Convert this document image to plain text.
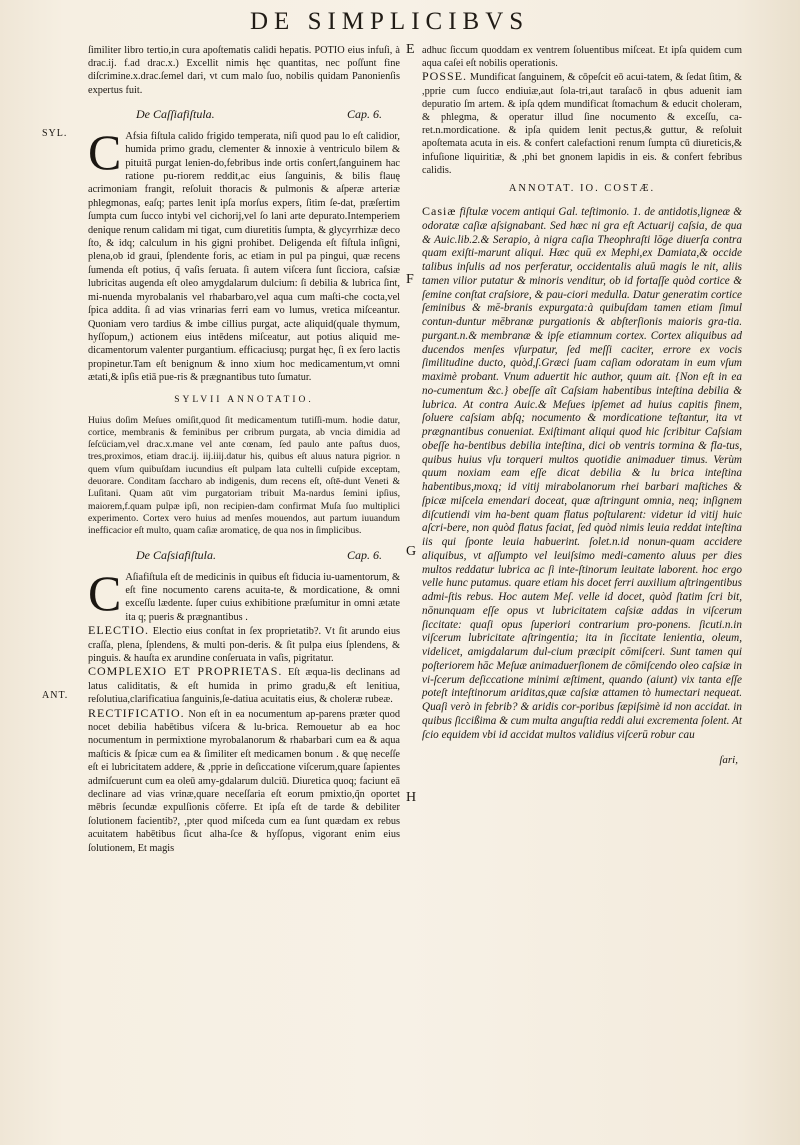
DE SIMPLICIBVS
SYL.
ANT.
E
F
G
H

ſimiliter libro tertio,in cura apoſtematis calidi hepatis. POTIO eius infuſi, à drac.ij. f.ad drac.x.) Excellit nimis hęc quantitas, nec poſſunt fine diſcrimine.x.drac.ſemel dari, vt cum malo ſuo, nobilis quidam Panonienſis expertus fuit.

De Caſſiafiſtula.	Cap. 6.
C Afsia fiſtula calido frigido temperata, niſi quod pau lo eſt calidior, humida primo gradu, clementer & innoxie à ventriculo bilem & pituitā purgat lenien-do,febribus inde ortis conſert,ſanguinem hac ratione pu-riorem reddit,ac eius ſanguinis, & bilis flauę acrimoniam frangit, reſoluit thoracis & pulmonis & aſperæ arteriæ phlegmonas, eaſq; partes lenit ipſa morſus expers, ſitim ſe-dat, præſertim ſumpta cum ſucco intybi vel cichorij,vel ſo lani arte depurato.Intemperiem denique renum calidam mi tigat, cum diuretitis ſumpta, & glycyrrhizæ deco ſto, & idq; calculum in his gigni prohibet. Deligenda eſt fiſtula inſigni, plena,ob id graui, ſplendente foris, ac etiam in pul pa pingui, quæ recens ſumenda eſt potius, q̃ vaſis ſeruata. ſi autem viſcera ſunt ſicciora, caſsiæ lubricitas augenda eſt oleo amygdalarum dulcium: ſi debilia & lubrica ſint, mi-nuenda myrobalanis vel rhabarbaro,vel aqua cum maſti-che cocta,vel ſpica addita. ſi ad vias vrinarias ferri eam vo lumus, vretica miſceantur. Quoniam vero tardius & imbe cillius purgat, acte aliquid(quale thymum, hyſſopum,) actionem eius intēdens miſceatur, aut potius aliquid me-dicamentorum valenter purgantium. efficaciusq; purgat hęc, ſi ex ſero lactis propinetur.Tam eſt benignum & inno xium hoc medicamentum,vt omni ætati,& ipſis etiā pue-ris & prægnantibus tuto ſumatur.

SYLVII ANNOTATIO.

Huius doſim Meſues omiſit,quod ſit medicamentum tutiſſi-mum. hodie datur, cortice, membranis & feminibus per cribrum purgata, ab vncia dimidia ad ſeſcüciam,vel drac.x.mane vel ante cœnam, ſed paulo ante paſtus duos, tres,proximos, etiam drac.ij. iij.iiij.datur his, quibus eſt aluus natura pigrior. n quem vſum quibuſdam iucundius eſt pulpam lata cultelli cuſpide exceptam, deuorare. Conditam ſaccharo ab indigenis, dum recens eſt, oſtē-dunt Veneti & Luſitani. Quam aūt vim purgatoriam tribuit Ma-nardus ſemini ipſius, maiorem,f.quam pulpæ ipſi, non recipien-dam confirmat Muſa ſuo multiplici experimento. Cortex vero huius ad menſes mouendos, aut partum iuuandum inefficacior eſt multo, quam caſiæ aromaticę, de qua nos in ſimplicibus.

De Caſsiafiſtula.	Cap. 6.
C Aſiafiſtula eſt de medicinis in quibus eſt fiducia iu-uamentorum, & eſt fine nocumento carens acuita-te, & mordicatione, & omni exceſſu lædente. ſuper cuius exhibitione præſumitur in omni ætate ita q; pueris & prægnantibus .

ELECTIO. Electio eius conſtat in ſex proprietatib?. Vt ſit arundo eius craſſa, plena, ſplendens, & multi pon-deris. & ſit pulpa eius ſplendens, & pinguis. & hauſta ex arundine conſeruata in vaſis, pigritatur.

COMPLEXIO ET PROPRIETAS. Eſt æqua-lis declinans ad latus caliditatis, & eſt humida in primo gradu,& eſt lenitiua, reſolutiua,clarificatiua ſanguinis,ſe-datiua acuitatis eius, & choleræ rubeæ.

RECTIFICATIO. Non eſt in ea nocumentum ap-parens præter quod nocet debilia habētibus viſcera & lu-brica. Remouetur ab ea hoc nocumentum in permixtione myrobalanorum & rhabarbari cum ea & aqua maſticis & ſpicæ cum ea & ſimiliter eſt medicamen bonum . & quę neceſſe eſt ei lubricitatem addere, & ,pprie in deſiccatione viſcerum,quare ſapientes admiſcuerunt cum ea oleū amy-gdalarum dulciū. Diuretica quoq; faciunt eā declinare ad vias vrinæ,quare neceſſaria eſt eorum pmixtio,q̃n oportet mēbris ſecundæ expulſionis cōferre. Et ipſa eſt de tarde & debiliter ſolutionem facientib?, ,pter quod miſceda cum ea ſunt quædam ex rebus acuitatem habētibus ſicut alha-ſce & hyſſopus, vigorant enim eius ſolutionem, Et magis

adhuc ſiccum quoddam ex ventrem ſoluentibus miſceat. Et ipſa quidem cum aqua caſei eſt nobilis operationis.

POSSE. Mundificat ſanguinem, & cōpeſcit eō acui-tatem, & ſedat ſitim, & ,pprie cum ſucco endiuiæ,aut ſola-tri,aut taraſacō in qbus aduenit iam depuratio ſm artem. & ipſa qdem mundificat ſtomachum & educit choleram, & phlegma, & operatur illud ſine nocumento & exceſſu, ca-ret.n.mordicatione. & ipſa quidem lenit pectus,& guttur, & reſoluit apoſtemata acuta in eis. & confert calefactioni renum ſumpta cū diureticis,& infuſione liquiritiæ, & ,phi bet gnonem lapidis in eis. & confert febribus calidis.

ANNOTAT. IO. COSTÆ.

Casiæ fiſtulæ vocem antiqui Gal. teſtimonio. 1. de antidotis,ligneæ & odoratæ caſiæ aſsignabant. Sed hæc ni gra eſt Actuarij caſsia, de qua & Auic.lib.2.& Serapio, à nigra caſia Theophraſti lōge diuerſa contra quam exiſti-marunt aliqui. Hæc quū ex Mephi,ex Damiata,& occide talibus inſulis ad nos perferatur, occidentalis aluū magis le nit, aliis tamen vilior putatur & minoris venditur, ob id fortaſſe quòd cortice & ſemine conſtat craſsiore, & pau-ciori medulla. Datur generatim cortice ſeminibus & mē-branis expurgata:à quibuſdam tamen etiam ſimul contun-duntur mēbranæ purgationis & abſterſionis maioris gra-tia. purgant.n.& membranæ & ipſe etiamnum cortex. Cortex aliquibus ad ducendos menſes vſurpatur, ſed meſſi caciter, errore ex vocis ſimilitudine ducto, quòd,ſ.Græci ſuam caſiam odoratam in eum vſum maximè probant. Vnum aduertit hic author, quum ait. {Non eſt in ea no-cumentum &c.} obeſſe aît Caſsiam habentibus inteſtina debilia & lubrica. At contra Auic.& Meſues ipſemet ad huius capitis finem, ſoluere caſsiam abſq; nocumento & mordicatione teſtantur, ita vt prægnantibus conueniat. Exiſtimant aliqui quod hic ſcribitur Caſsiam obeſſe ha-bentibus debilia inteſtina, dici ob ventris tormina & fla-tus, quibus huius vſu torqueri multos quotidie animaduer timus. Verùm quum noxiam eam eſſe dicat debilia & lu brica inteſtina habentibus,moxq; id vitij mirabolanorum rhei barbari maſtiches & ſpicæ miſcela emendari doceat, quæ aſtringunt omnia, neq; inſignem diſcutiendi vim ha-bent quam flatus poſtularent: videtur id vitij huic aſcri-bere, non quòd flatus faciat, ſed quòd nimis leuia reddat inteſtina iis qui ſponte leuia habuerint. ſolet.n.id nonun-quam accidere aliquibus, vt aſſumpto vel leuiſsimo medi-camento aluus per dies multos reddatur lubrica ac ſi inte-ſtinorum leuitate laborent. hoc ergo velle hunc putamus. quare etiam his docet ferri auxilium aſtringentibus admi-ſtis rebus. Hoc autem Meſ. velle id docet, quòd ſtatim ſcri bit, nōnunquam eſſe opus vt lubricitatem caſsiæ addas in viſcerum ſiccitate: quaſi opus ſuperiori contrarium pro-ponens. ſicuti.n.in viſcerum lubricitate aſtringentia; ita in ſiccitate lenientia, oleum, videlicet, amigdalarum dul-cium præcipit cōmiſceri. Sunt tamen qui poſteriorem hāc Meſuæ animaduerſionem de cōmiſcendo oleo caſsiæ in vi-ſcerum deſiccatione minimi æſtiment, quando (aiunt) vix tanta eſſe poteſt inteſtinorum ariditas,quæ caſsiæ attamen tò humectari nequeat. Quaſi verò in febrib? & aridis cor-poribus ſæpiſsimè id non accidat. in quibus ſiccißima & cum multa anguſtia reddi alui excrementa ſolent. At ſcio equidem vbi id accidat multos validius viſcerū robur cau

ſari,
